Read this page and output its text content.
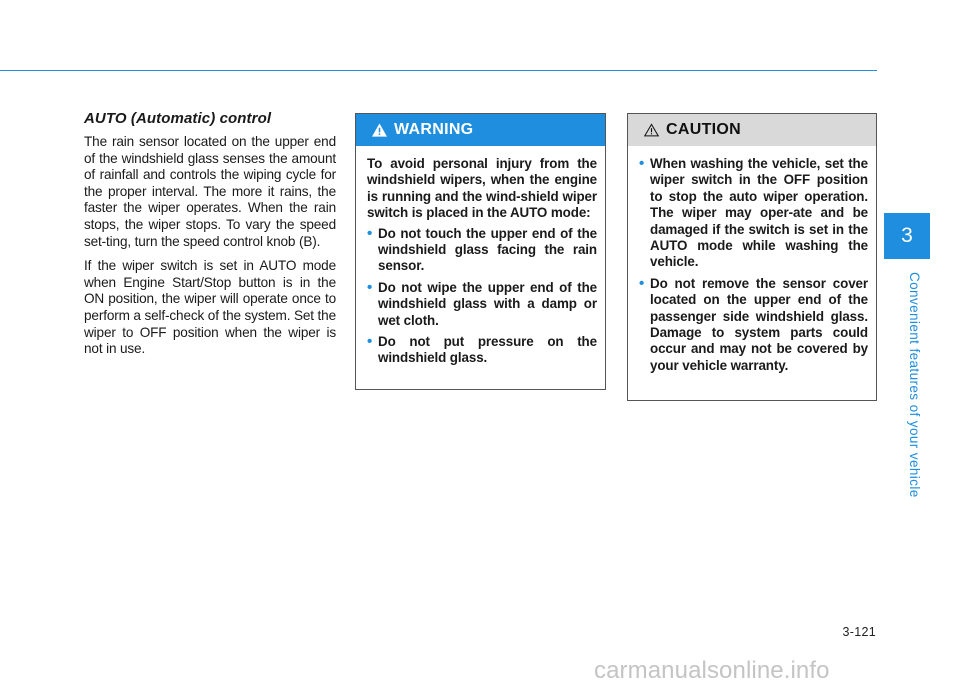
AUTO (Automatic) control

The rain sensor located on the upper end of the windshield glass senses the amount of rainfall and controls the wiping cycle for the proper interval. The more it rains, the faster the wiper operates. When the rain stops, the wiper stops. To vary the speed set-ting, turn the speed control knob (B).

If the wiper switch is set in AUTO mode when Engine Start/Stop button is in the ON position, the wiper will operate once to perform a self-check of the system. Set the wiper to OFF position when the wiper is not in use.

WARNING

To avoid personal injury from the windshield wipers, when the engine is running and the wind-shield wiper switch is placed in the AUTO mode:

• Do not touch the upper end of the windshield glass facing the rain sensor.
• Do not wipe the upper end of the windshield glass with a damp or wet cloth.
• Do not put pressure on the windshield glass.
CAUTION
• When washing the vehicle, set the wiper switch in the OFF position to stop the auto wiper operation. The wiper may oper-ate and be damaged if the switch is set in the AUTO mode while washing the vehicle.
• Do not remove the sensor cover located on the upper end of the passenger side windshield glass. Damage to system parts could occur and may not be covered by your vehicle warranty.
3
Convenient features of your vehicle
3-121
carmanualsonline.info
